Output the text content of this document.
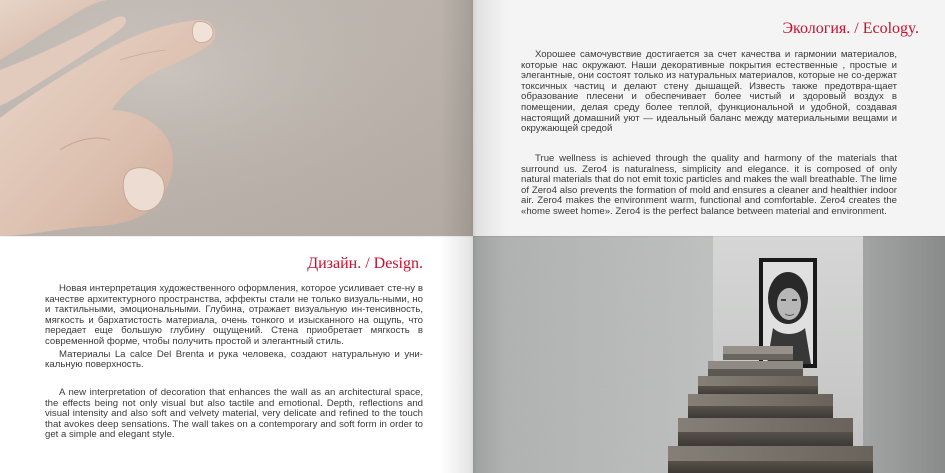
Экология. / Ecology.

Хорошее самочувствие достигается за счет качества и гармонии материалов, которые нас окружают. Наши декоративные покрытия естественные , простые и элегантные, они состоят только из натуральных материалов, которые не со-держат токсичных частиц и делают стену дышащей. Известь также предотвра-щает образование плесени и обеспечивает более чистый и здоровый воздух в помещении, делая среду более теплой, функциональной и удобной, создавая настоящий домашний уют — идеальный баланс между материальными вещами и окружающей средой

True wellness is achieved through the quality and harmony of the materials that surround us. Zero4 is naturalness, simplicity and elegance. it is composed of only natural materials that do not emit toxic particles and makes the wall breathable. The lime of Zero4 also prevents the formation of mold and ensures a cleaner and healthier indoor air. Zero4 makes the environment warm, functional and comfortable. Zero4 creates the «home sweet home». Zero4 is the perfect balance between material and environment.

Дизайн. / Design.

Новая интерпретация художественного оформления, которое усиливает сте-ну в качестве архитектурного пространства, эффекты стали не только визуаль-ными, но и тактильными, эмоциональными. Глубина, отражает визуальную ин-тенсивность, мягкость и бархатистость материала, очень тонкого и изысканного на ощупь, что передает еще большую глубину ощущений. Стена приобретает мягкость в современной форме, чтобы получить простой и элегантный стиль.

Материалы La calce Del Brenta и рука человека, создают натуральную и уни-кальную поверхность.

A new interpretation of decoration that enhances the wall as an architectural space, the effects being not only visual but also tactile and emotional. Depth, reflections and visual intensity and also soft and velvety material, very delicate and refined to the touch that avokes deep sensations. The wall takes on a contemporary and soft form in order to get a simple and elegant style.
